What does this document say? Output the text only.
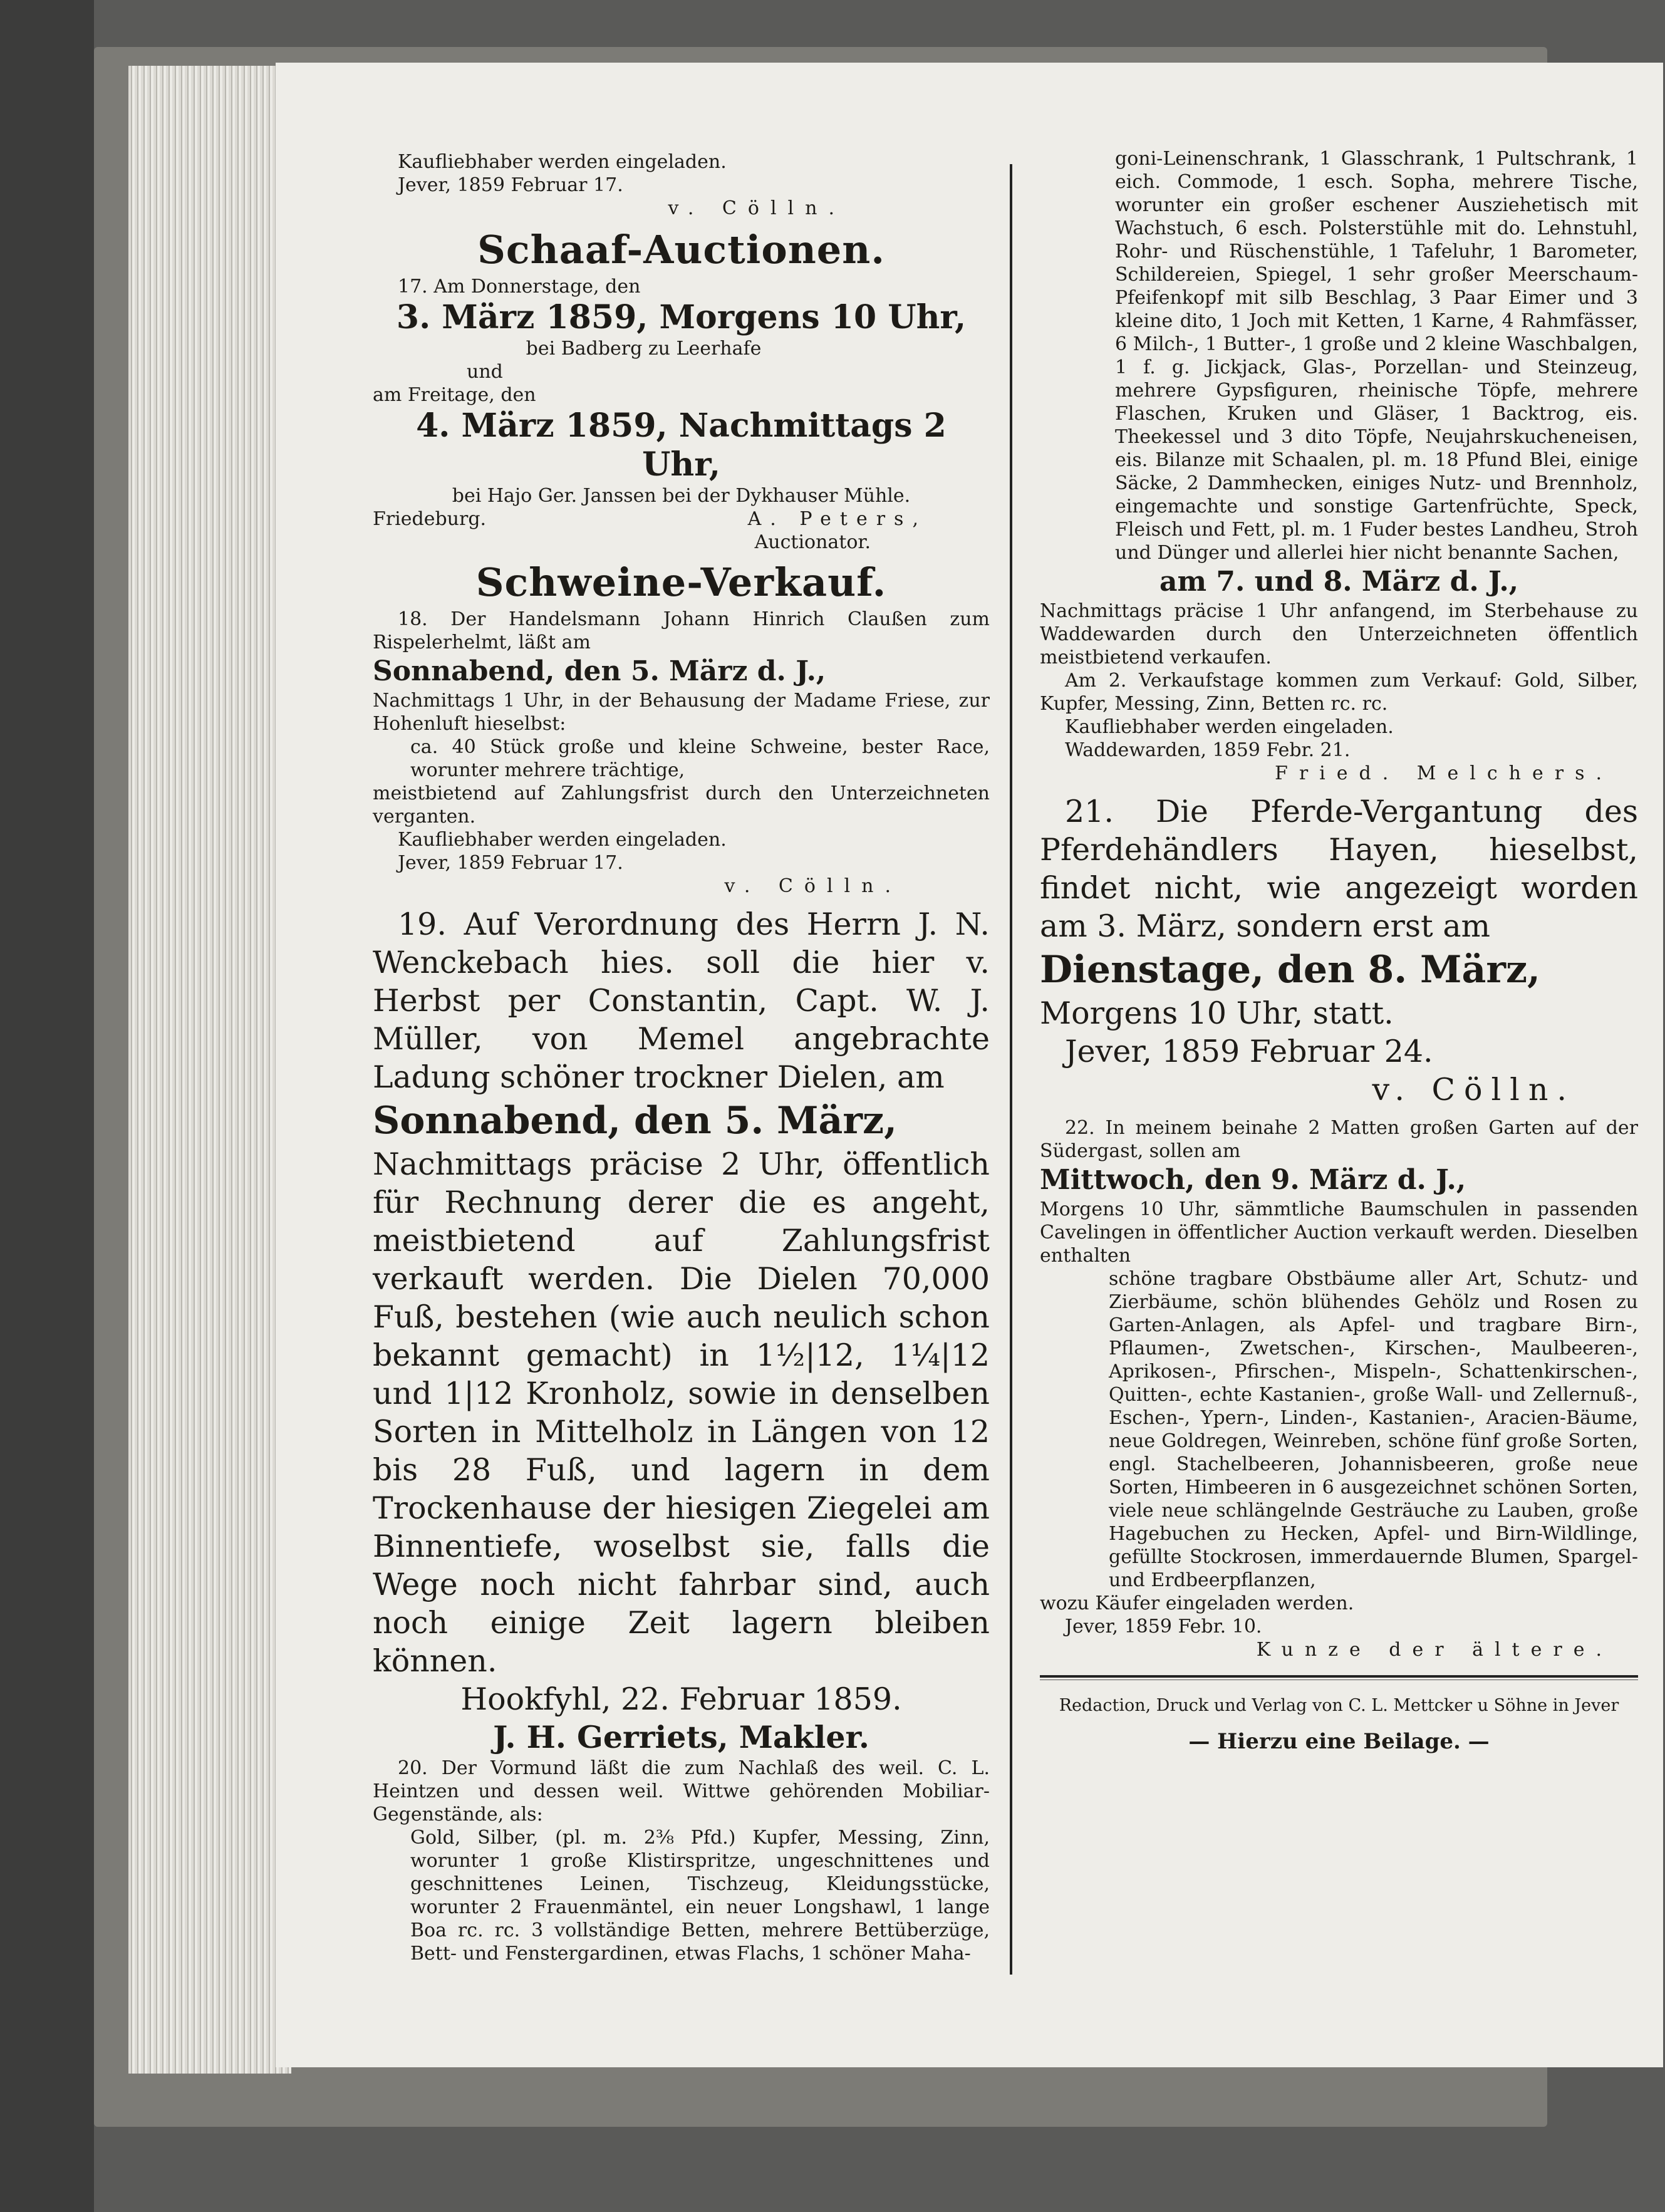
Kaufliebhaber werden eingeladen.

Jever, 1859 Februar 17.

v. Cölln.

Schaaf-Auctionen.

17. Am Donnerstage, den

3. März 1859, Morgens 10 Uhr,

bei Badberg zu Leerhafe

und

am Freitage, den

4. März 1859, Nachmittags 2 Uhr,

bei Hajo Ger. Janssen bei der Dykhauser Mühle.

Friedeburg.	A. Peters,

Auctionator.

Schweine-Verkauf.

18. Der Handelsmann Johann Hinrich Claußen zum Rispelerhelmt, läßt am

Sonnabend, den 5. März d. J.,

Nachmittags 1 Uhr, in der Behausung der Madame Friese, zur Hohenluft hieselbst:

ca. 40 Stück große und kleine Schweine, bester Race, worunter mehrere trächtige,

meistbietend auf Zahlungsfrist durch den Unterzeichneten verganten.

Kaufliebhaber werden eingeladen.

Jever, 1859 Februar 17.

v. Cölln.

19. Auf Verordnung des Herrn J. N. Wenckebach hies. soll die hier v. Herbst per Constantin, Capt. W. J. Müller, von Memel angebrachte Ladung schöner trockner Dielen, am

Sonnabend, den 5. März,

Nachmittags präcise 2 Uhr, öffentlich für Rechnung derer die es angeht, meistbietend auf Zahlungsfrist verkauft werden. Die Dielen 70,000 Fuß, bestehen (wie auch neulich schon bekannt gemacht) in 1½|12, 1¼|12 und 1|12 Kronholz, sowie in denselben Sorten in Mittelholz in Längen von 12 bis 28 Fuß, und lagern in dem Trockenhause der hiesigen Ziegelei am Binnentiefe, woselbst sie, falls die Wege noch nicht fahrbar sind, auch noch einige Zeit lagern bleiben können.

Hookfyhl, 22. Februar 1859.

J. H. Gerriets, Makler.

20. Der Vormund läßt die zum Nachlaß des weil. C. L. Heintzen und dessen weil. Wittwe gehörenden Mobiliar-Gegenstände, als:

Gold, Silber, (pl. m. 2⅜ Pfd.) Kupfer, Messing, Zinn, worunter 1 große Klistirspritze, ungeschnittenes und geschnittenes Leinen, Tischzeug, Kleidungsstücke, worunter 2 Frauenmäntel, ein neuer Longshawl, 1 lange Boa rc. rc. 3 vollständige Betten, mehrere Bettüberzüge, Bett- und Fenstergardinen, etwas Flachs, 1 schöner Maha-

goni-Leinenschrank, 1 Glasschrank, 1 Pultschrank, 1 eich. Commode, 1 esch. Sopha, mehrere Tische, worunter ein großer eschener Ausziehetisch mit Wachstuch, 6 esch. Polsterstühle mit do. Lehnstuhl, Rohr- und Rüschenstühle, 1 Tafeluhr, 1 Barometer, Schildereien, Spiegel, 1 sehr großer Meerschaum-Pfeifenkopf mit silb Beschlag, 3 Paar Eimer und 3 kleine dito, 1 Joch mit Ketten, 1 Karne, 4 Rahmfässer, 6 Milch-, 1 Butter-, 1 große und 2 kleine Waschbalgen, 1 f. g. Jickjack, Glas-, Porzellan- und Steinzeug, mehrere Gypsfiguren, rheinische Töpfe, mehrere Flaschen, Kruken und Gläser, 1 Backtrog, eis. Theekessel und 3 dito Töpfe, Neujahrskucheneisen, eis. Bilanze mit Schaalen, pl. m. 18 Pfund Blei, einige Säcke, 2 Dammhecken, einiges Nutz- und Brennholz, eingemachte und sonstige Gartenfrüchte, Speck, Fleisch und Fett, pl. m. 1 Fuder bestes Landheu, Stroh und Dünger und allerlei hier nicht benannte Sachen,

am 7. und 8. März d. J.,

Nachmittags präcise 1 Uhr anfangend, im Sterbehause zu Waddewarden durch den Unterzeichneten öffentlich meistbietend verkaufen.

Am 2. Verkaufstage kommen zum Verkauf: Gold, Silber, Kupfer, Messing, Zinn, Betten rc. rc.

Kaufliebhaber werden eingeladen.

Waddewarden, 1859 Febr. 21.

Fried. Melchers.

21. Die Pferde-Vergantung des Pferdehändlers Hayen, hieselbst, findet nicht, wie angezeigt worden am 3. März, sondern erst am

Dienstage, den 8. März,

Morgens 10 Uhr, statt.

Jever, 1859 Februar 24.

v. Cölln.

22. In meinem beinahe 2 Matten großen Garten auf der Südergast, sollen am

Mittwoch, den 9. März d. J.,

Morgens 10 Uhr, sämmtliche Baumschulen in passenden Cavelingen in öffentlicher Auction verkauft werden. Dieselben enthalten

schöne tragbare Obstbäume aller Art, Schutz- und Zierbäume, schön blühendes Gehölz und Rosen zu Garten-Anlagen, als Apfel- und tragbare Birn-, Pflaumen-, Zwetschen-, Kirschen-, Maulbeeren-, Aprikosen-, Pfirschen-, Mispeln-, Schattenkirschen-, Quitten-, echte Kastanien-, große Wall- und Zellernuß-, Eschen-, Ypern-, Linden-, Kastanien-, Aracien-Bäume, neue Goldregen, Weinreben, schöne fünf große Sorten, engl. Stachelbeeren, Johannisbeeren, große neue Sorten, Himbeeren in 6 ausgezeichnet schönen Sorten, viele neue schlängelnde Gesträuche zu Lauben, große Hagebuchen zu Hecken, Apfel- und Birn-Wildlinge, gefüllte Stockrosen, immerdauernde Blumen, Spargel- und Erdbeerpflanzen,

wozu Käufer eingeladen werden.

Jever, 1859 Febr. 10.

Kunze der ältere.

Redaction, Druck und Verlag von C. L. Mettcker u Söhne in Jever

— Hierzu eine Beilage. —
